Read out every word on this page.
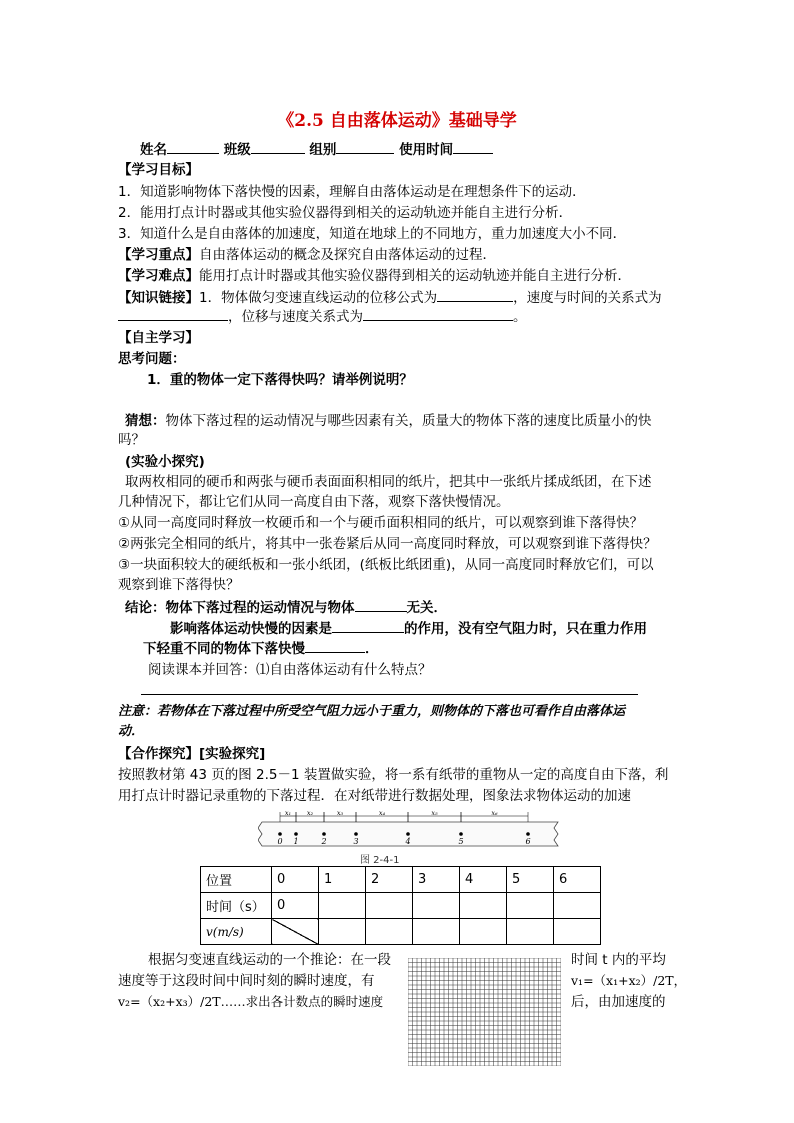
《2.5 自由落体运动》基础导学
姓名	班级	组别	使用时间
【学习目标】
1．知道影响物体下落快慢的因素，理解自由落体运动是在理想条件下的运动．
2．能用打点计时器或其他实验仪器得到相关的运动轨迹并能自主进行分析．
3．知道什么是自由落体的加速度，知道在地球上的不同地方，重力加速度大小不同．
【学习重点】自由落体运动的概念及探究自由落体运动的过程．
【学习难点】能用打点计时器或其他实验仪器得到相关的运动轨迹并能自主进行分析．
【知识链接】1．物体做匀变速直线运动的位移公式为	，速度与时间的关系式为
，位移与速度关系式为	。
【自主学习】
思考问题：
1．重的物体一定下落得快吗？请举例说明？
猜想：物体下落过程的运动情况与哪些因素有关，质量大的物体下落的速度比质量小的快
吗？
(实验小探究)
取两枚相同的硬币和两张与硬币表面面积相同的纸片，把其中一张纸片揉成纸团，在下述
几种情况下，都让它们从同一高度自由下落，观察下落快慢情况。
①从同一高度同时释放一枚硬币和一个与硬币面积相同的纸片，可以观察到谁下落得快？
②两张完全相同的纸片，将其中一张卷紧后从同一高度同时释放，可以观察到谁下落得快？
③一块面积较大的硬纸板和一张小纸团，(纸板比纸团重)，从同一高度同时释放它们，可以
观察到谁下落得快？
结论：物体下落过程的运动情况与物体	无关．
影响落体运动快慢的因素是	的作用，没有空气阻力时，只在重力作用
下轻重不同的物体下落快慢	．
阅读课本并回答：⑴自由落体运动有什么特点？
注意：若物体在下落过程中所受空气阻力远小于重力，则物体的下落也可看作自由落体运
动．
【合作探究】[实验探究]
按照教材第 43 页的图 2.5－1 装置做实验，将一系有纸带的重物从一定的高度自由下落，利
用打点计时器记录重物的下落过程．在对纸带进行数据处理，图象法求物体运动的加速
0 1	2	3	4	5	6
x₁ x₂	x₃	x₄	x₅	x₆
图 2-4-1
位置	0	1	2	3	4	5	6
时间（s）	0						
v(m/s)							
根据匀变速直线运动的一个推论：在一段
速度等于这段时间中间时刻的瞬时速度，有
v₂=（x₂+x₃）/2T……求出各计数点的瞬时速度
时间 t 内的平均
v₁=（x₁+x₂）/2T，
后，由加速度的
